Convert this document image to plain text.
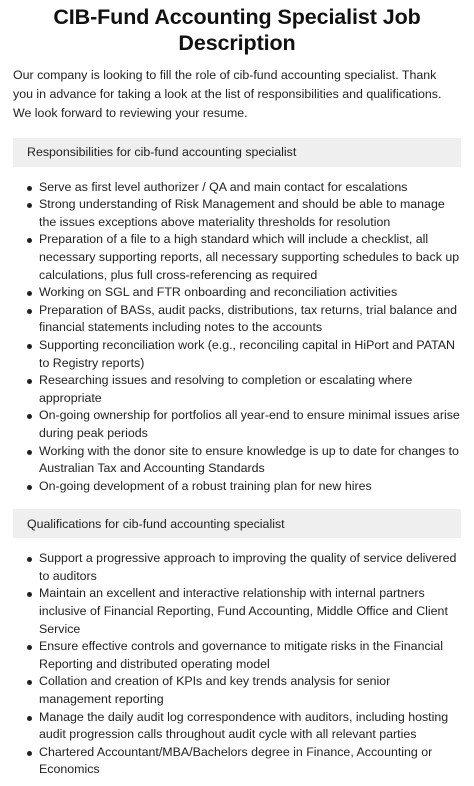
CIB-Fund Accounting Specialist Job Description

Our company is looking to fill the role of cib-fund accounting specialist. Thank you in advance for taking a look at the list of responsibilities and qualifications. We look forward to reviewing your resume.

Responsibilities for cib-fund accounting specialist
Serve as first level authorizer / QA and main contact for escalations
Strong understanding of Risk Management and should be able to manage the issues exceptions above materiality thresholds for resolution
Preparation of a file to a high standard which will include a checklist, all necessary supporting reports, all necessary supporting schedules to back up calculations, plus full cross-referencing as required
Working on SGL and FTR onboarding and reconciliation activities
Preparation of BASs, audit packs, distributions, tax returns, trial balance and financial statements including notes to the accounts
Supporting reconciliation work (e.g., reconciling capital in HiPort and PATAN to Registry reports)
Researching issues and resolving to completion or escalating where appropriate
On-going ownership for portfolios all year-end to ensure minimal issues arise during peak periods
Working with the donor site to ensure knowledge is up to date for changes to Australian Tax and Accounting Standards
On-going development of a robust training plan for new hires
Qualifications for cib-fund accounting specialist
Support a progressive approach to improving the quality of service delivered to auditors
Maintain an excellent and interactive relationship with internal partners inclusive of Financial Reporting, Fund Accounting, Middle Office and Client Service
Ensure effective controls and governance to mitigate risks in the Financial Reporting and distributed operating model
Collation and creation of KPIs and key trends analysis for senior management reporting
Manage the daily audit log correspondence with auditors, including hosting audit progression calls throughout audit cycle with all relevant parties
Chartered Accountant/MBA/Bachelors degree in Finance, Accounting or Economics
